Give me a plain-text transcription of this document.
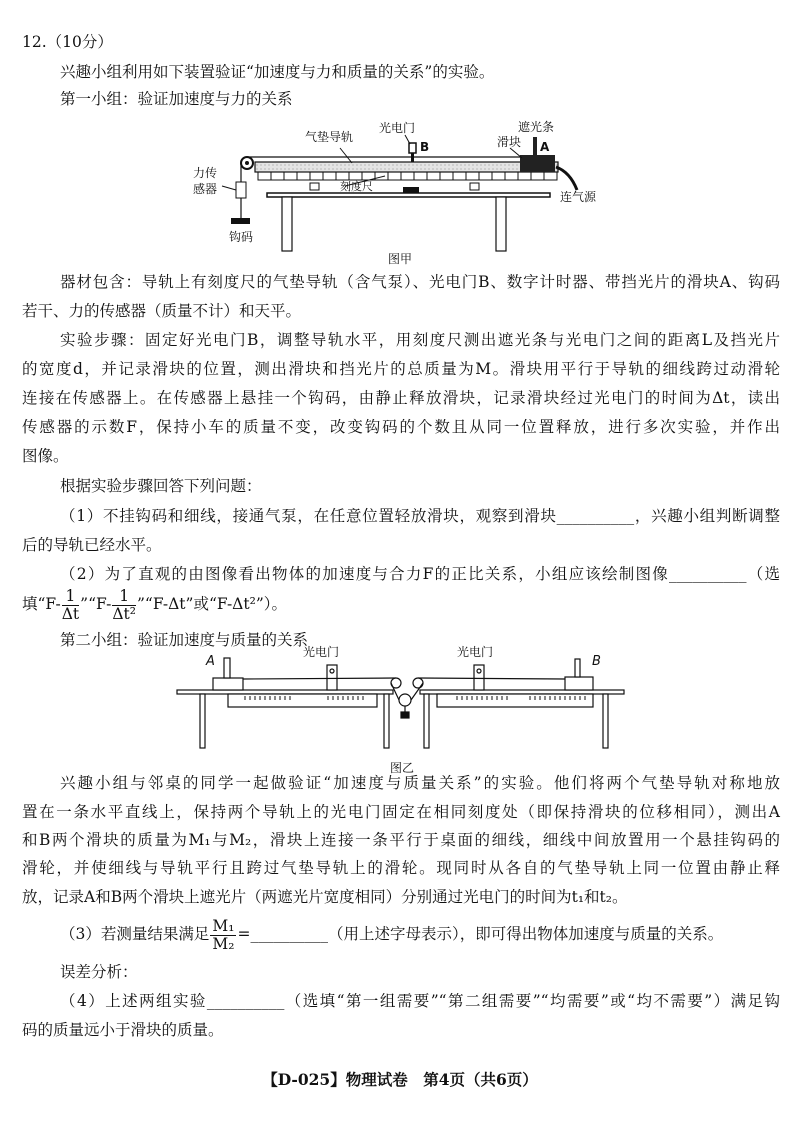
12.（10分）
兴趣小组利用如下装置验证“加速度与力和质量的关系”的实验。
第一小组：验证加速度与力的关系
气垫导轨
光电门
B
遮光条
滑块 A
力传
感器
钩码
刻度尺
连气源
图甲
器材包含：导轨上有刻度尺的气垫导轨（含气泵）、光电门B、数字计时器、带挡光片的滑块A、钩码
若干、力的传感器（质量不计）和天平。
实验步骤：固定好光电门B，调整导轨水平，用刻度尺测出遮光条与光电门之间的距离L及挡光片
的宽度d，并记录滑块的位置，测出滑块和挡光片的总质量为M。滑块用平行于导轨的细线跨过动滑轮
连接在传感器上。在传感器上悬挂一个钩码，由静止释放滑块，记录滑块经过光电门的时间为Δt，读出
传感器的示数F，保持小车的质量不变，改变钩码的个数且从同一位置释放，进行多次实验，并作出
图像。
根据实验步骤回答下列问题：
（1）不挂钩码和细线，接通气泵，在任意位置轻放滑块，观察到滑块__________，兴趣小组判断调整
后的导轨已经水平。
（2）为了直观的由图像看出物体的加速度与合力F的正比关系，小组应该绘制图像__________（选
填“$F- \frac{1}{\Delta t}$ ”“F- $\frac{1}{\text{Δt²}}$ ”“F-Δt”或“F-Δt²”）。
第二小组：验证加速度与质量的关系
A
光电门	光电门
B
图乙
兴趣小组与邻桌的同学一起做验证“加速度与质量关系”的实验。他们将两个气垫导轨对称地放
置在一条水平直线上，保持两个导轨上的光电门固定在相同刻度处（即保持滑块的位移相同），测出A
和B两个滑块的质量为M₁与M₂，滑块上连接一条平行于桌面的细线，细线中间放置用一个悬挂钩码的
滑轮，并使细线与导轨平行且跨过气垫导轨上的滑轮。现同时从各自的气垫导轨上同一位置由静止释
放，记录A和B两个滑块上遮光片（两遮光片宽度相同）分别通过光电门的时间为t₁和t₂。
（3）若测量结果满足 $\frac{\text{M₁}}{\text{M₂}}$ =__________（用上述字母表示），即可得出物体加速度与质量的关系。
误差分析：
（4）上述两组实验__________（选填“第一组需要”“第二组需要”“均需要”或“均不需要”）满足钩
码的质量远小于滑块的质量。
【D-025】物理试卷　第4页（共6页）
